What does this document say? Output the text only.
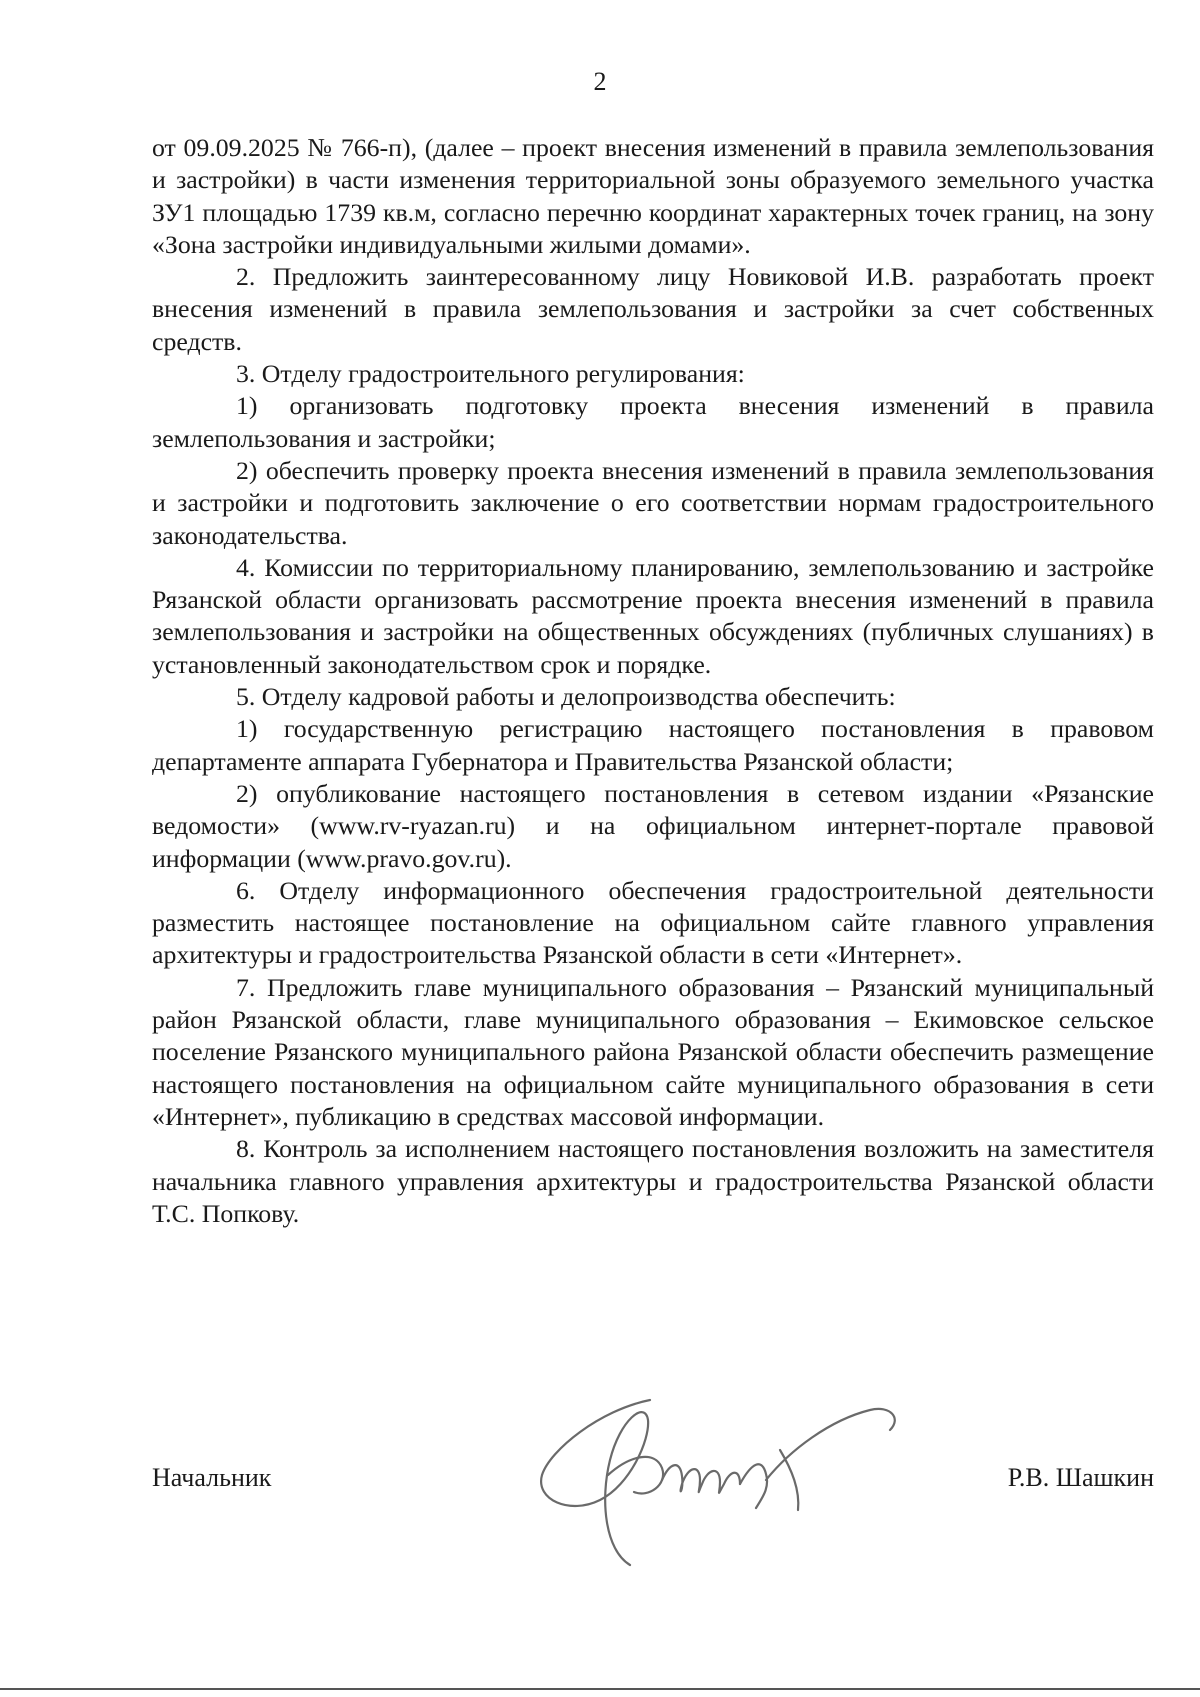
2

от 09.09.2025 № 766-п), (далее – проект внесения изменений в правила землепользования и застройки) в части изменения территориальной зоны образуемого земельного участка ЗУ1 площадью 1739 кв.м, согласно перечню координат характерных точек границ, на зону «Зона застройки индивидуальными жилыми домами».

2. Предложить заинтересованному лицу Новиковой И.В. разработать проект внесения изменений в правила землепользования и застройки за счет собственных средств.

3. Отделу градостроительного регулирования:

1) организовать подготовку проекта внесения изменений в правила землепользования и застройки;

2) обеспечить проверку проекта внесения изменений в правила землепользования и застройки и подготовить заключение о его соответствии нормам градостроительного законодательства.

4. Комиссии по территориальному планированию, землепользованию и застройке Рязанской области организовать рассмотрение проекта внесения изменений в правила землепользования и застройки на общественных обсуждениях (публичных слушаниях) в установленный законодательством срок и порядке.

5. Отделу кадровой работы и делопроизводства обеспечить:

1) государственную регистрацию настоящего постановления в правовом департаменте аппарата Губернатора и Правительства Рязанской области;

2) опубликование настоящего постановления в сетевом издании «Рязанские ведомости» (www.rv-ryazan.ru) и на официальном интернет-портале правовой информации (www.pravo.gov.ru).

6. Отделу информационного обеспечения градостроительной деятельности разместить настоящее постановление на официальном сайте главного управления архитектуры и градостроительства Рязанской области в сети «Интернет».

7. Предложить главе муниципального образования – Рязанский муниципальный район Рязанской области, главе муниципального образования – Екимовское сельское поселение Рязанского муниципального района Рязанской области обеспечить размещение настоящего постановления на официальном сайте муниципального образования в сети «Интернет», публикацию в средствах массовой информации.

8. Контроль за исполнением настоящего постановления возложить на заместителя начальника главного управления архитектуры и градостроительства Рязанской области Т.С. Попкову.

Начальник	Р.В. Шашкин
